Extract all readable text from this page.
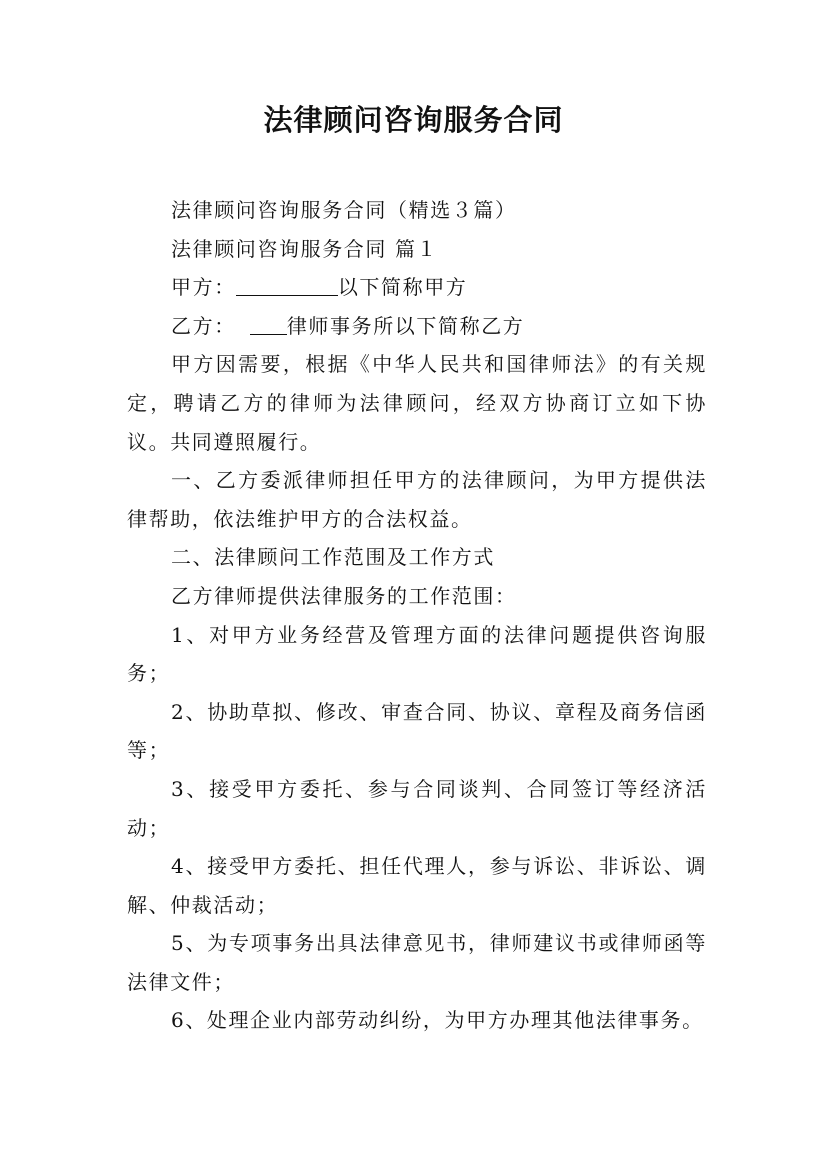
法律顾问咨询服务合同

法律顾问咨询服务合同（精选３篇）

法律顾问咨询服务合同 篇１

甲方：	以下简称甲方

乙方：	律师事务所以下简称乙方

甲方因需要，根据《中华人民共和国律师法》的有关规定，聘请乙方的律师为法律顾问，经双方协商订立如下协议。共同遵照履行。

一、乙方委派律师担任甲方的法律顾问，为甲方提供法律帮助，依法维护甲方的合法权益。

二、法律顾问工作范围及工作方式

乙方律师提供法律服务的工作范围：

1、对甲方业务经营及管理方面的法律问题提供咨询服务；

2、协助草拟、修改、审查合同、协议、章程及商务信函等；

3、接受甲方委托、参与合同谈判、合同签订等经济活动；

4、接受甲方委托、担任代理人，参与诉讼、非诉讼、调解、仲裁活动；

5、为专项事务出具法律意见书，律师建议书或律师函等法律文件；

6、处理企业内部劳动纠纷，为甲方办理其他法律事务。
